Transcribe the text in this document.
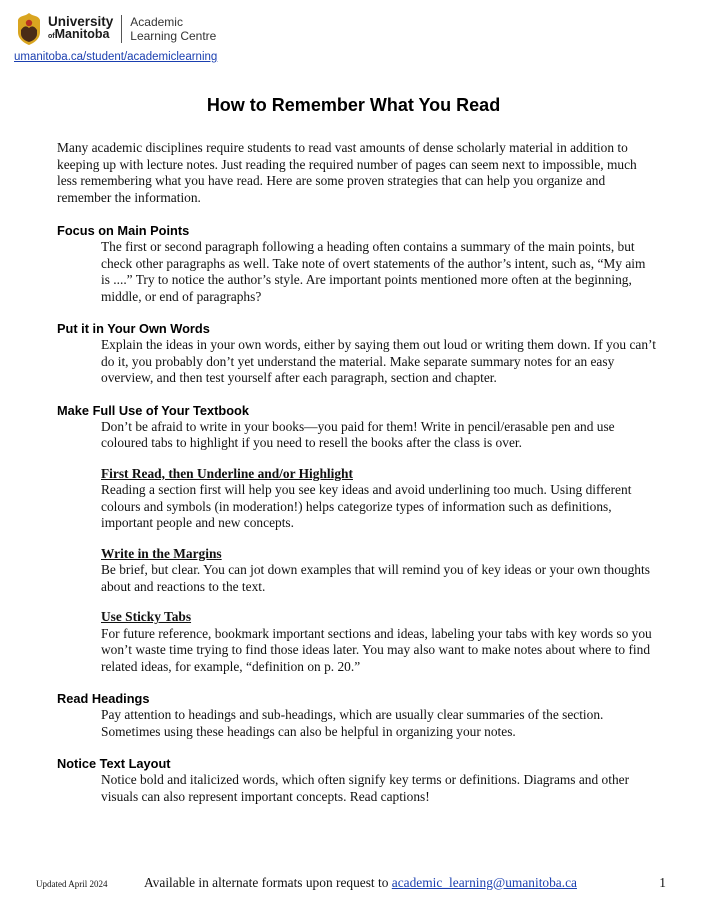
University
ofManitoba
Academic
Learning Centre
umanitoba.ca/student/academiclearning
How to Remember What You Read

Many academic disciplines require students to read vast amounts of dense scholarly material in addition to keeping up with lecture notes. Just reading the required number of pages can seem next to impossible, much less remembering what you have read. Here are some proven strategies that can help you organize and remember the information.

Focus on Main Points

The first or second paragraph following a heading often contains a summary of the main points, but check other paragraphs as well. Take note of overt statements of the author’s intent, such as, “My aim is ....” Try to notice the author’s style. Are important points mentioned more often at the beginning, middle, or end of paragraphs?

Put it in Your Own Words

Explain the ideas in your own words, either by saying them out loud or writing them down. If you can’t do it, you probably don’t yet understand the material. Make separate summary notes for an easy overview, and then test yourself after each paragraph, section and chapter.

Make Full Use of Your Textbook

Don’t be afraid to write in your books—you paid for them! Write in pencil/erasable pen and use coloured tabs to highlight if you need to resell the books after the class is over.

First Read, then Underline and/or Highlight

Reading a section first will help you see key ideas and avoid underlining too much. Using different colours and symbols (in moderation!) helps categorize types of information such as definitions, important people and new concepts.

Write in the Margins

Be brief, but clear. You can jot down examples that will remind you of key ideas or your own thoughts about and reactions to the text.

Use Sticky Tabs

For future reference, bookmark important sections and ideas, labeling your tabs with key words so you won’t waste time trying to find those ideas later. You may also want to make notes about where to find related ideas, for example, “definition on p. 20.”

Read Headings

Pay attention to headings and sub-headings, which are usually clear summaries of the section. Sometimes using these headings can also be helpful in organizing your notes.

Notice Text Layout

Notice bold and italicized words, which often signify key terms or definitions. Diagrams and other visuals can also represent important concepts. Read captions!

Updated April 2024	Available in alternate formats upon request to academic_learning@umanitoba.ca	1
